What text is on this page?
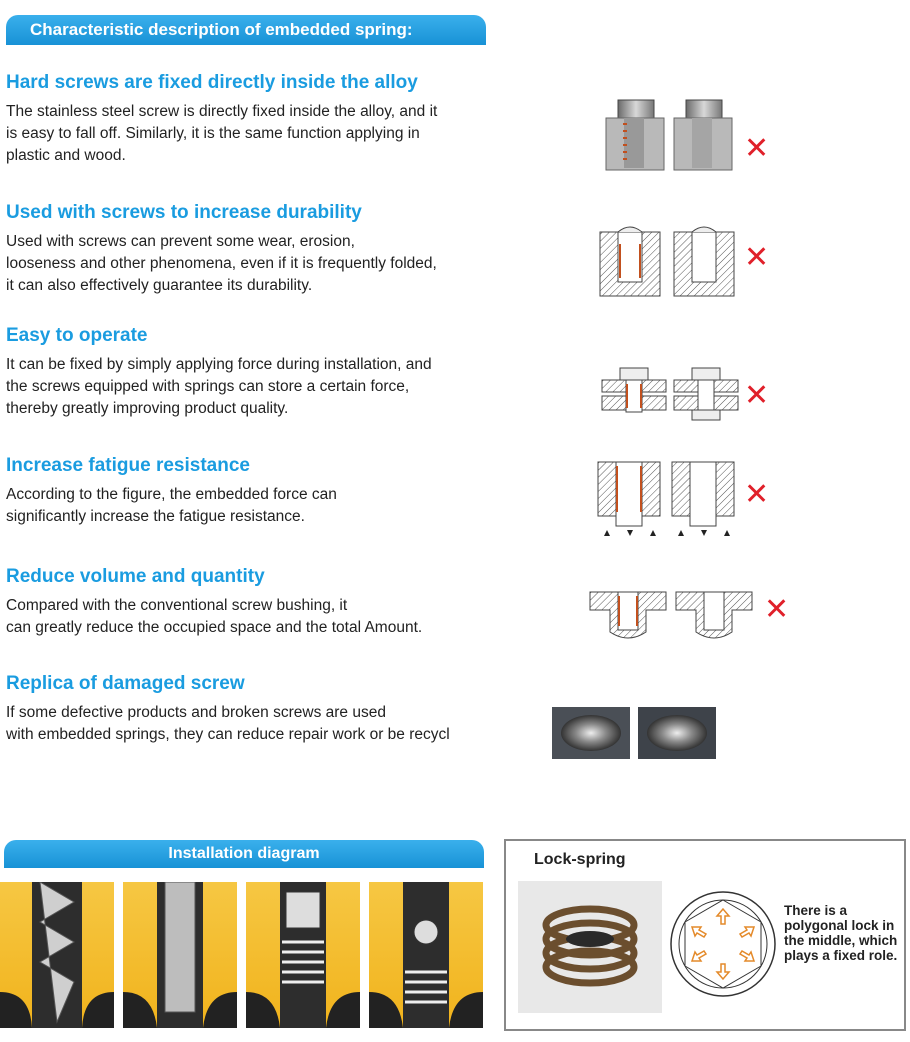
Characteristic description of embedded spring:
Hard screws are fixed directly inside the alloy

The stainless steel screw is directly fixed inside the alloy, and it
is easy to fall off. Similarly, it is the same function applying in
plastic and wood.	✕
Used with screws to increase durability

Used with screws can prevent some wear, erosion,
looseness and other phenomena, even if it is frequently folded,
it can also effectively guarantee its durability.

✕
Easy to operate

It can be fixed by simply applying force during installation, and
the screws equipped with springs can store a certain force,
thereby greatly improving product quality.	✕
Increase fatigue resistance

According to the figure, the embedded force can
significantly increase the fatigue resistance.

✕
Reduce volume and quantity

Compared with the conventional screw bushing, it
can greatly reduce the occupied space and the total Amount.

✕
Replica of damaged screw

If some defective products and broken screws are used
with embedded springs, they can reduce repair work or be recycl

Installation diagram	Lock-spring
There is a polygonal lock in the middle, which plays a fixed role.
